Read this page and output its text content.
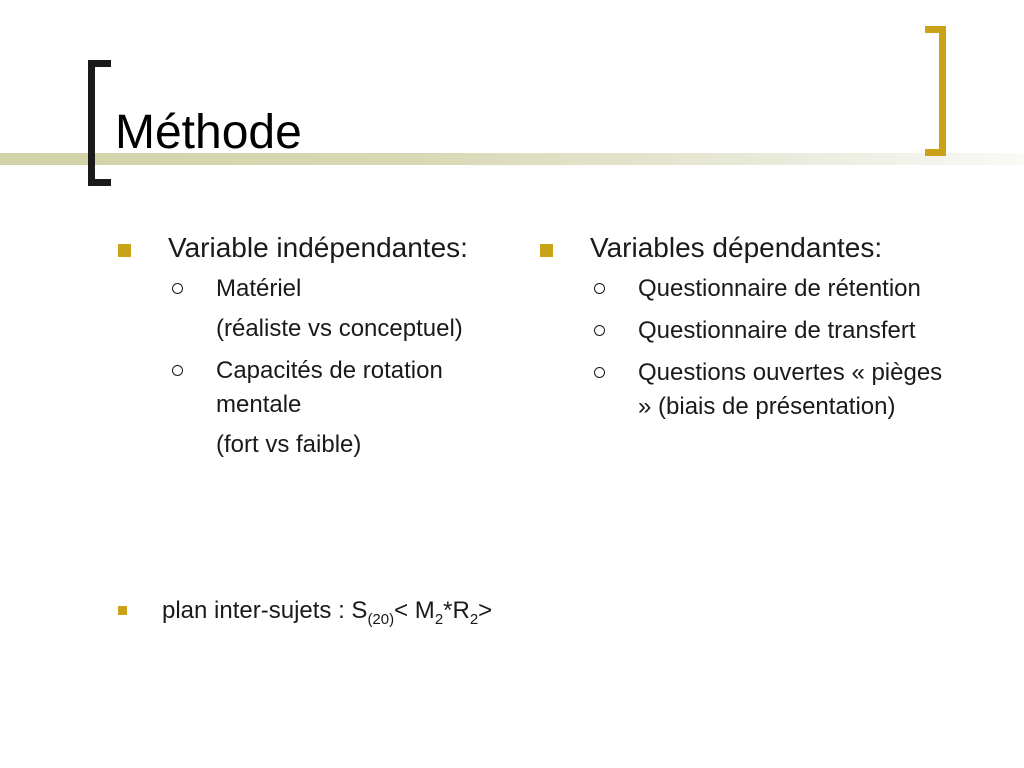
Méthode
Variable indépendantes:
Matériel
(réaliste vs conceptuel)
Capacités de rotation mentale
(fort vs faible)
Variables dépendantes:
Questionnaire de rétention
Questionnaire de transfert
Questions ouvertes « pièges » (biais de présentation)
plan inter-sujets : $S_{(20)}< M_2*R_2>$
